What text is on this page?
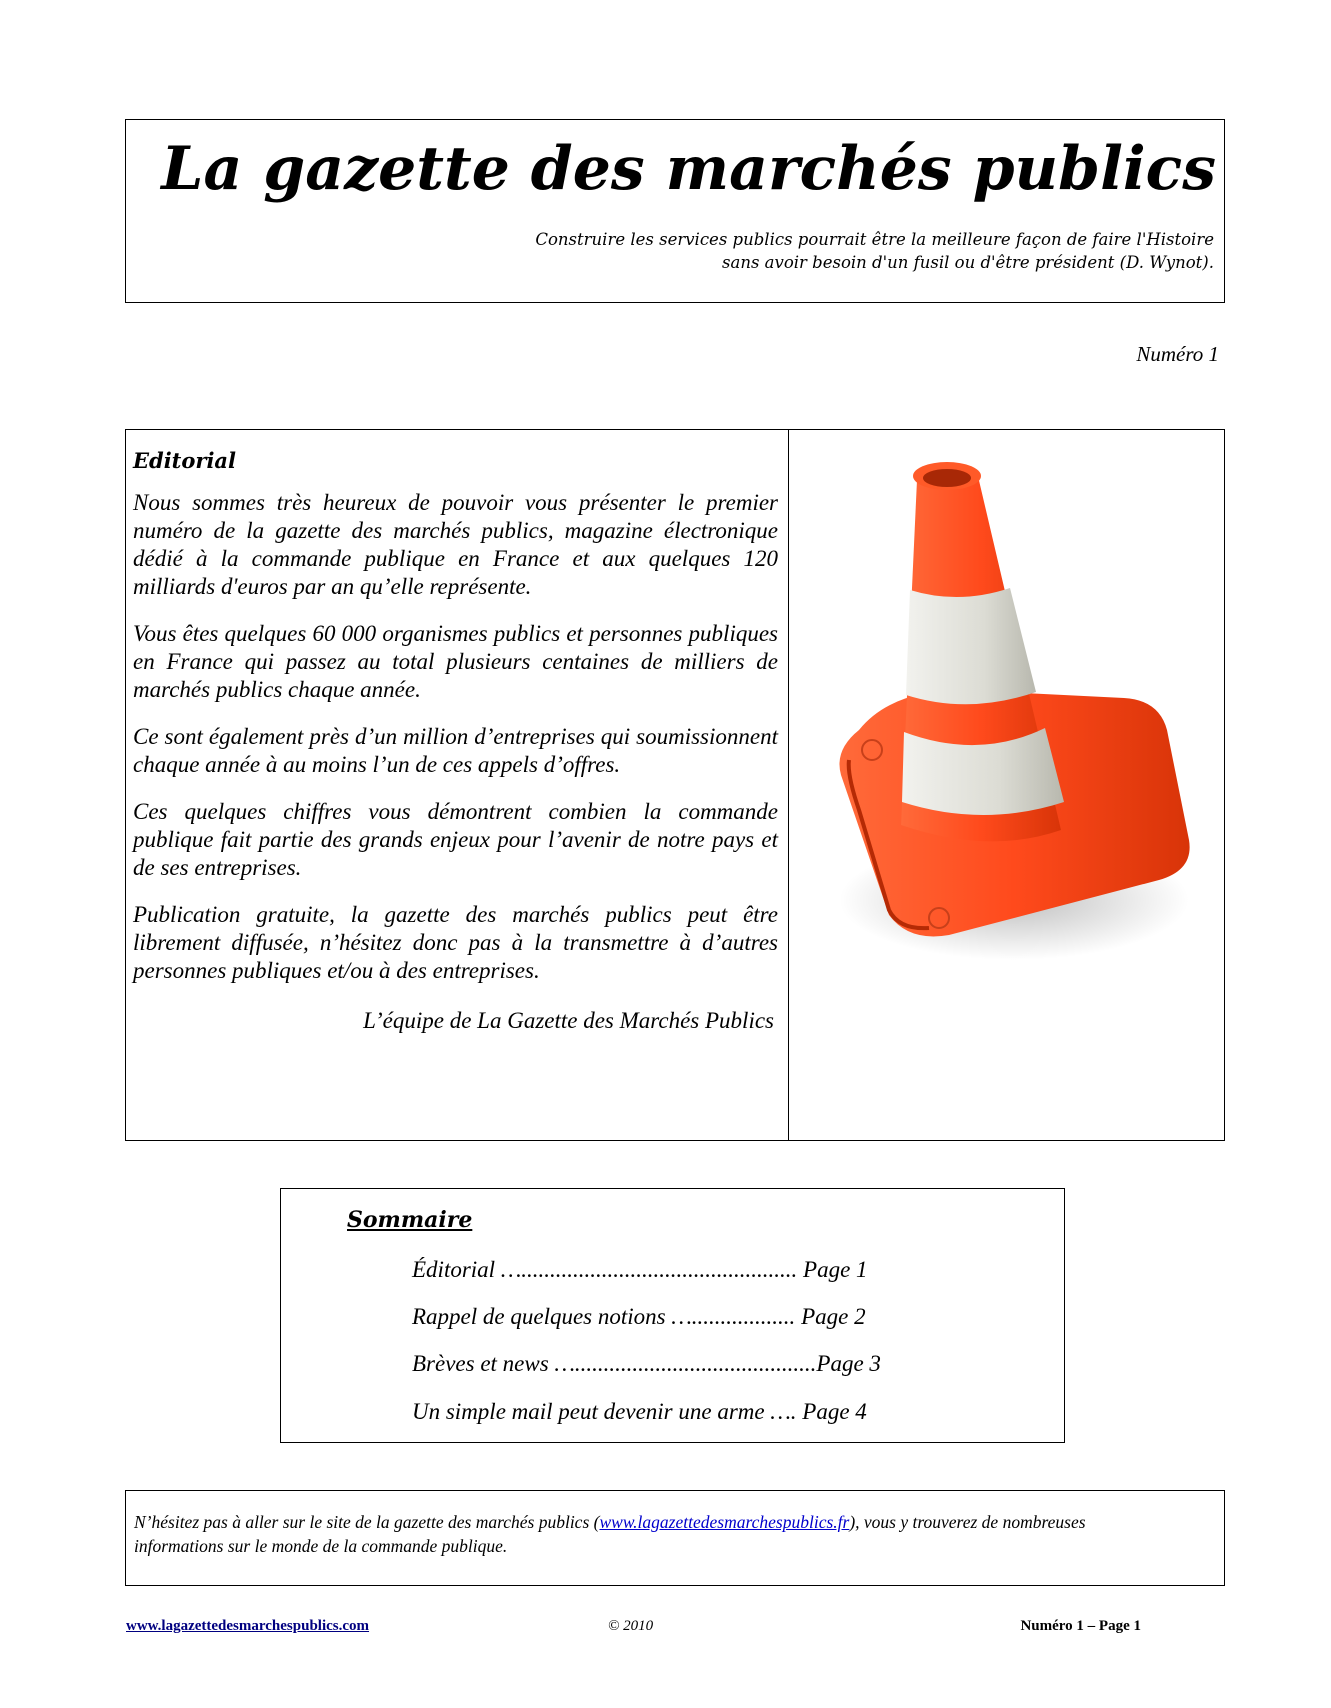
La gazette des marchés publics
Construire les services publics pourrait être la meilleure façon de faire l'Histoire
sans avoir besoin d'un fusil ou d'être président (D. Wynot).
Numéro 1
Editorial

Nous sommes très heureux de pouvoir vous présenter le premier numéro de la gazette des marchés publics, magazine électronique dédié à la commande publique en France et aux quelques 120 milliards d'euros par an qu’elle représente.

Vous êtes quelques 60 000 organismes publics et personnes publiques en France qui passez au total plusieurs centaines de milliers de marchés publics chaque année.

Ce sont également près d’un million d’entreprises qui soumissionnent chaque année à au moins l’un de ces appels d’offres.

Ces quelques chiffres vous démontrent combien la commande publique fait partie des grands enjeux pour l’avenir de notre pays et de ses entreprises.

Publication gratuite, la gazette des marchés publics peut être librement diffusée, n’hésitez donc pas à la transmettre à d’autres personnes publiques et/ou à des entreprises.

L’équipe de La Gazette des Marchés Publics
Sommaire
Éditorial …................................................ Page 1
Rappel de quelques notions ….................. Page 2
Brèves et news …..........................................Page 3
Un simple mail peut devenir une arme …. Page 4
N’hésitez pas à aller sur le site de la gazette des marchés publics (www.lagazettedesmarchespublics.fr), vous y trouverez de nombreuses informations sur le monde de la commande publique.
www.lagazettedesmarchespublics.com	© 2010	Numéro 1 – Page 1
